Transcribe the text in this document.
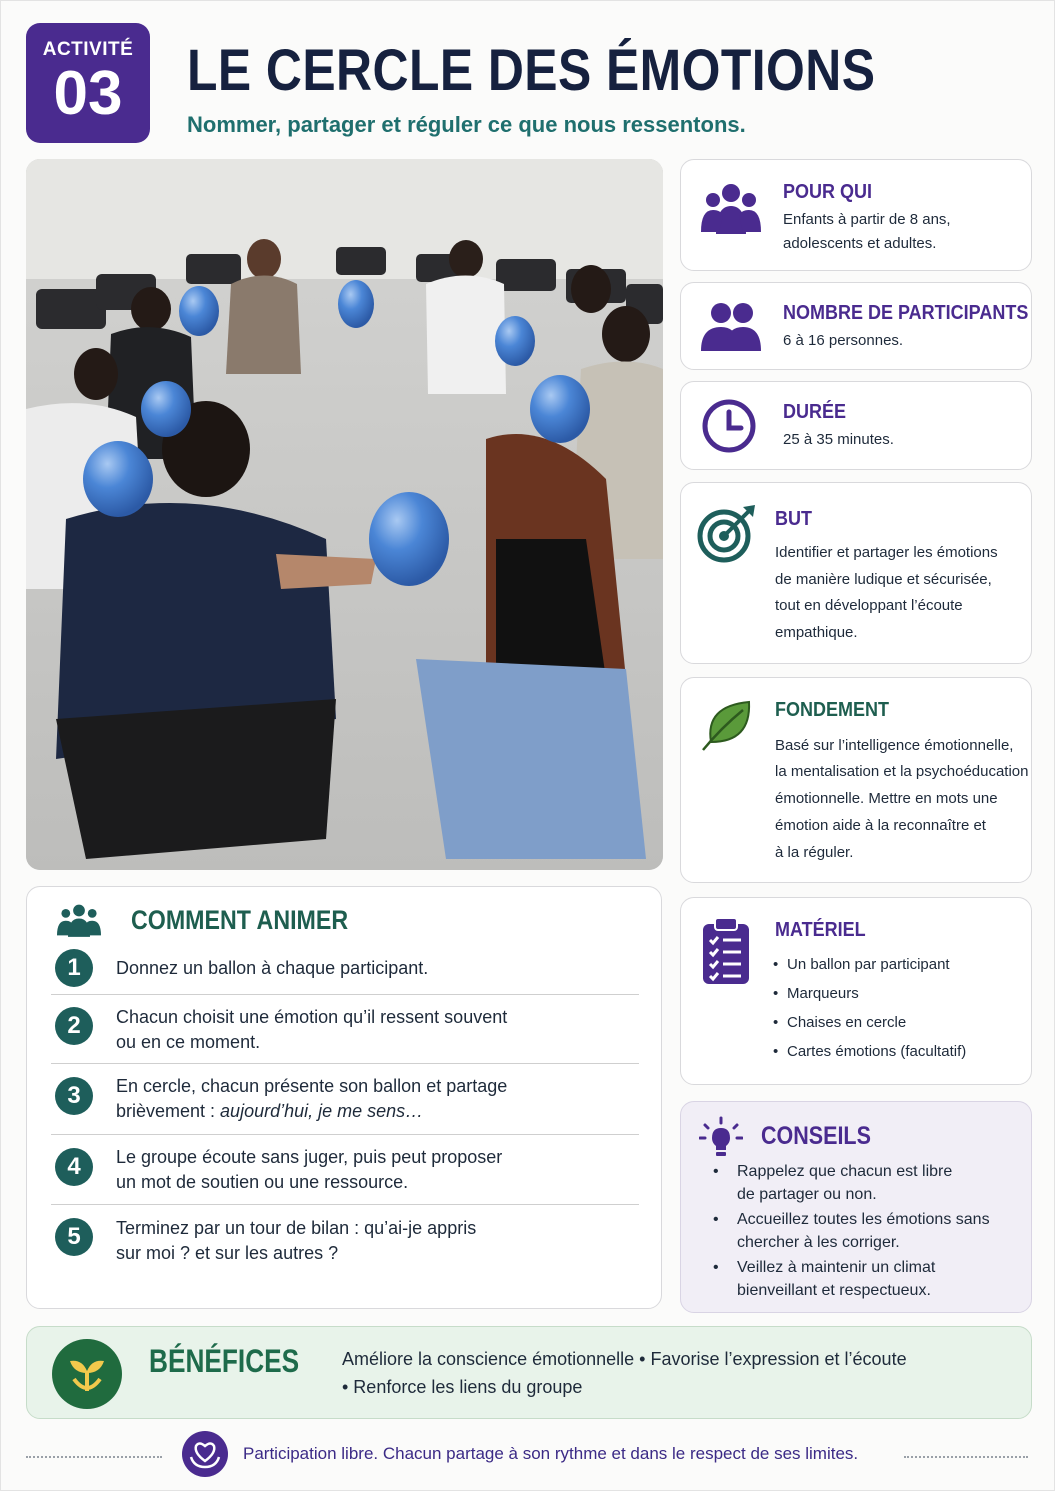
ACTIVITÉ
03	LE CERCLE DES ÉMOTIONS
Nommer, partager et réguler ce que nous ressentons.
POUR QUI
Enfants à partir de 8 ans,
adolescents et adultes.
NOMBRE DE PARTICIPANTS
6 à 16 personnes.
DURÉE
25 à 35 minutes.
BUT
Identifier et partager les émotions
de manière ludique et sécurisée,
tout en développant l’écoute
empathique.
FONDEMENT
Basé sur l’intelligence émotionnelle,
la mentalisation et la psychoéducation
émotionnelle. Mettre en mots une
émotion aide à la reconnaître et
à la réguler.
MATÉRIEL
• Un ballon par participant
• Marqueurs
• Chaises en cercle
• Cartes émotions (facultatif)
CONSEILS
• Rappelez que chacun est libre
de partager ou non.
• Accueillez toutes les émotions sans
chercher à les corriger.
• Veillez à maintenir un climat
bienveillant et respectueux.
COMMENT ANIMER
1	Donnez un ballon à chaque participant.
2	Chacun choisit une émotion qu’il ressent souvent
ou en ce moment.
3	En cercle, chacun présente son ballon et partage
brièvement : aujourd’hui, je me sens…
4	Le groupe écoute sans juger, puis peut proposer
un mot de soutien ou une ressource.
5	Terminez par un tour de bilan : qu’ai-je appris
sur moi ? et sur les autres ?
BÉNÉFICES Améliore la conscience émotionnelle • Favorise l’expression et l’écoute
• Renforce les liens du groupe
Participation libre. Chacun partage à son rythme et dans le respect de ses limites.
